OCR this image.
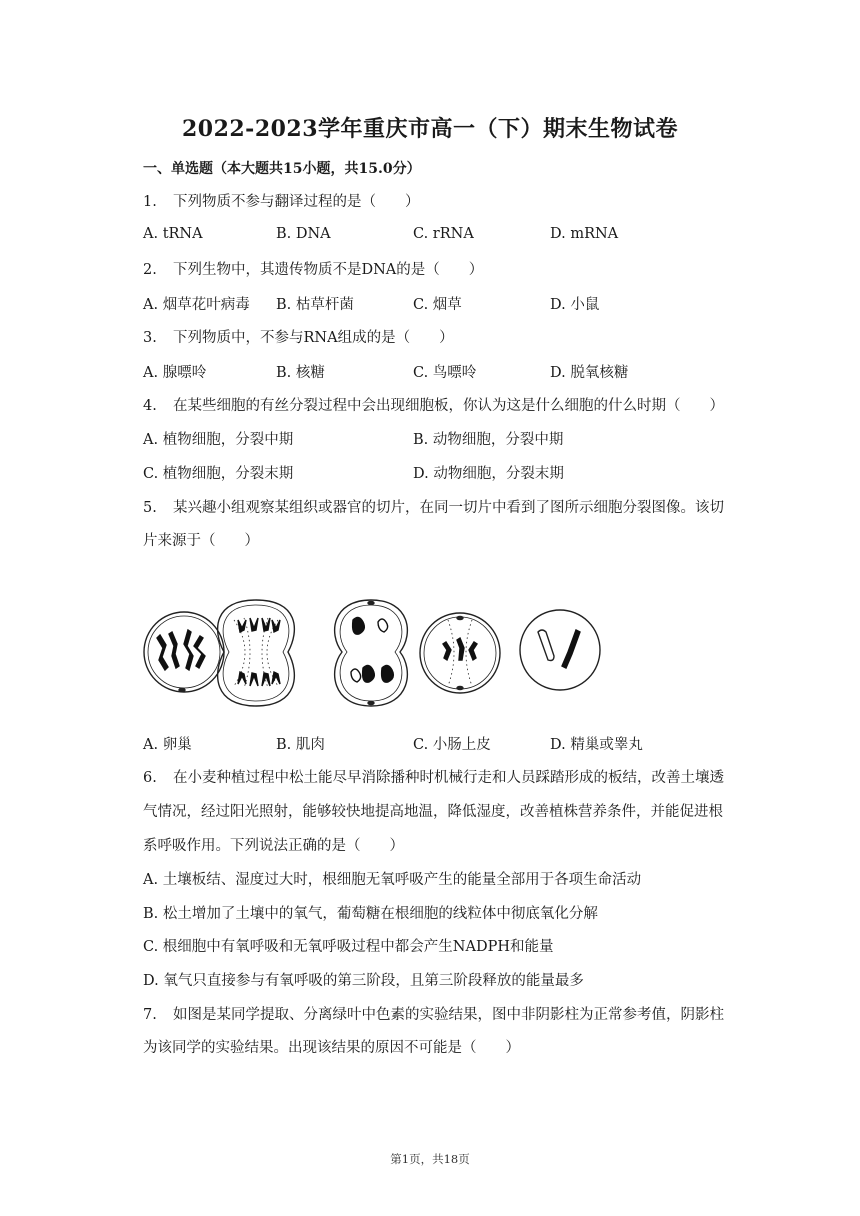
2022-2023学年重庆市高一（下）期末生物试卷
一、单选题（本大题共15小题，共15.0分）
1. 下列物质不参与翻译过程的是（　　）
A. tRNA	B. DNA	C. rRNA	D. mRNA
2. 下列生物中，其遗传物质不是DNA的是（　　）
A. 烟草花叶病毒 B. 枯草杆菌	C. 烟草	D. 小鼠
3. 下列物质中，不参与RNA组成的是（　　）
A. 腺嘌呤	B. 核糖	C. 鸟嘌呤	D. 脱氧核糖
4. 在某些细胞的有丝分裂过程中会出现细胞板，你认为这是什么细胞的什么时期（　　）
A. 植物细胞，分裂中期	B. 动物细胞，分裂中期
C. 植物细胞，分裂末期	D. 动物细胞，分裂末期
5. 某兴趣小组观察某组织或器官的切片，在同一切片中看到了图所示细胞分裂图像。该切
片来源于（　　）
A. 卵巢	B. 肌肉	C. 小肠上皮	D. 精巢或睾丸
6. 在小麦种植过程中松土能尽早消除播种时机械行走和人员踩踏形成的板结，改善土壤透
气情况，经过阳光照射，能够较快地提高地温，降低湿度，改善植株营养条件，并能促进根
系呼吸作用。下列说法正确的是（　　）
A. 土壤板结、湿度过大时，根细胞无氧呼吸产生的能量全部用于各项生命活动
B. 松土增加了土壤中的氧气，葡萄糖在根细胞的线粒体中彻底氧化分解
C. 根细胞中有氧呼吸和无氧呼吸过程中都会产生NADPH和能量
D. 氧气只直接参与有氧呼吸的第三阶段，且第三阶段释放的能量最多
7. 如图是某同学提取、分离绿叶中色素的实验结果，图中非阴影柱为正常参考值，阴影柱
为该同学的实验结果。出现该结果的原因不可能是（　　）
第1页，共18页
